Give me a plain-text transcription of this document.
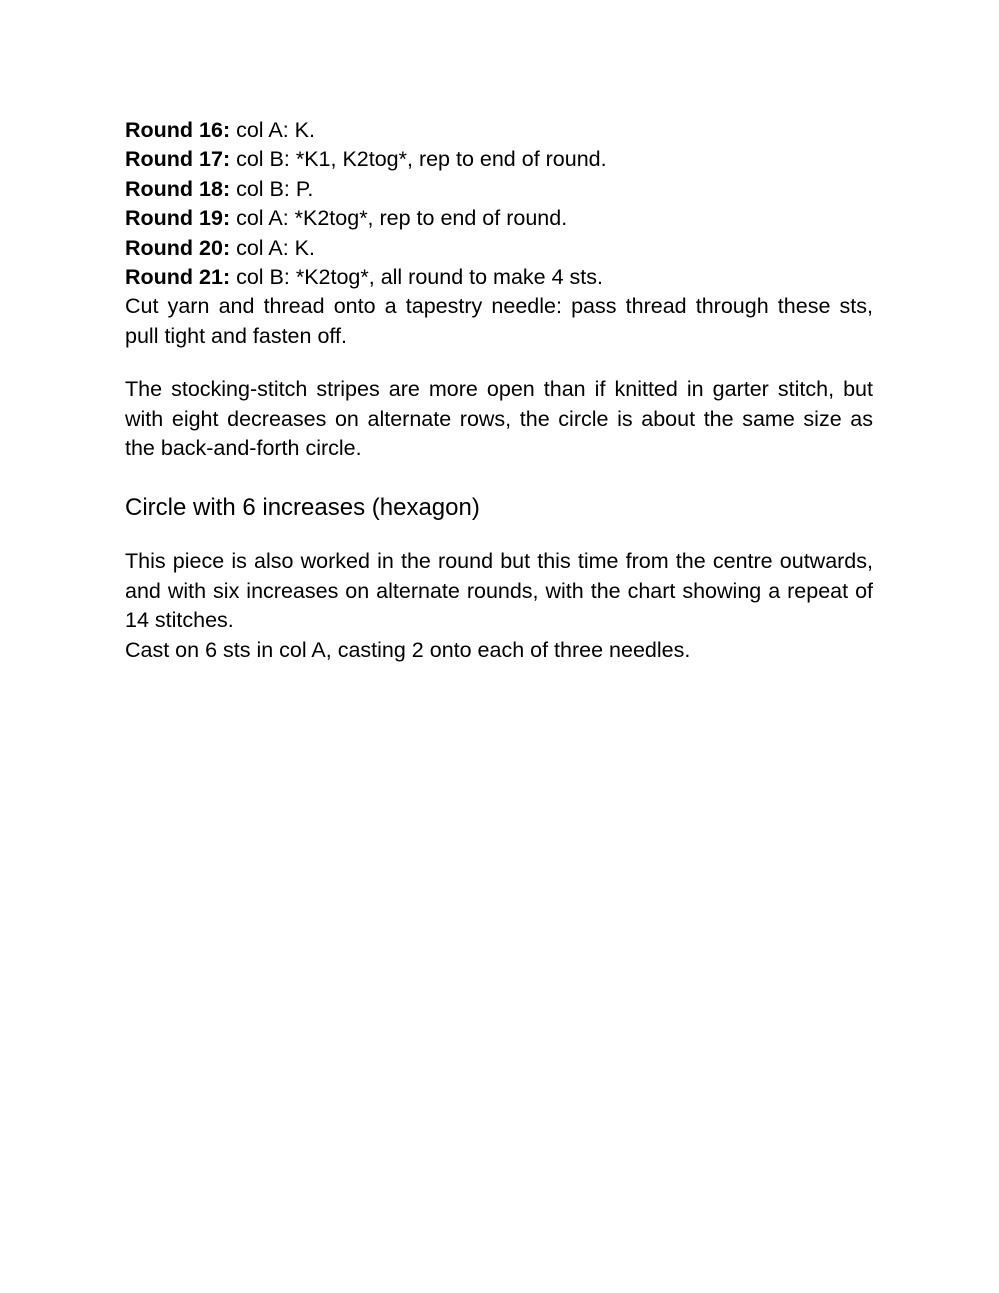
Round 16: col A: K.

Round 17: col B: *K1, K2tog*, rep to end of round.

Round 18: col B: P.

Round 19: col A: *K2tog*, rep to end of round.

Round 20: col A: K.

Round 21: col B: *K2tog*, all round to make 4 sts.

Cut yarn and thread onto a tapestry needle: pass thread through these sts, pull tight and fasten off.

The stocking-stitch stripes are more open than if knitted in garter stitch, but with eight decreases on alternate rows, the circle is about the same size as the back-and-forth circle.

Circle with 6 increases (hexagon)

This piece is also worked in the round but this time from the centre outwards, and with six increases on alternate rounds, with the chart showing a repeat of 14 stitches.

Cast on 6 sts in col A, casting 2 onto each of three needles.
